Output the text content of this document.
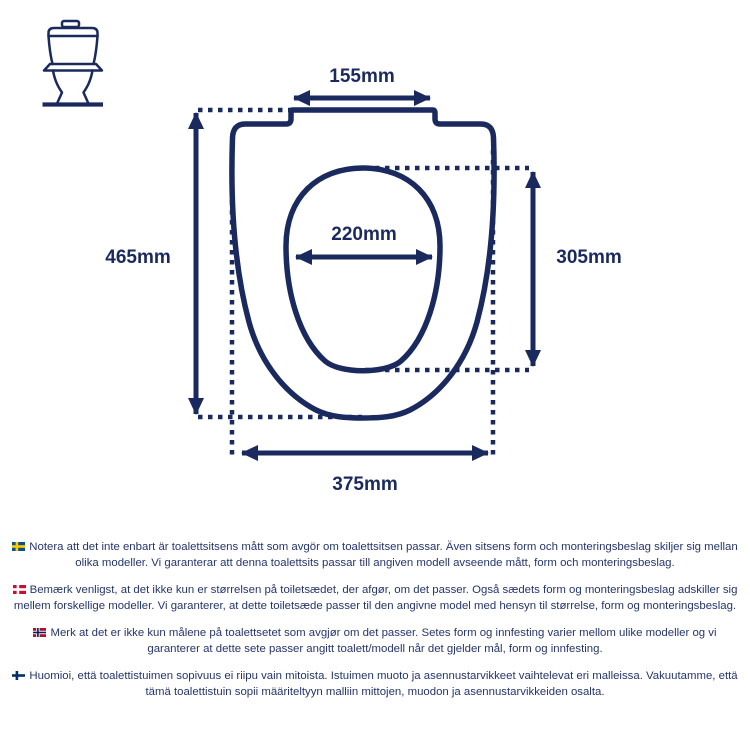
155mm
465mm
220mm
305mm
375mm

Notera att det inte enbart är toalettsitsens mått som avgör om toalettsitsen passar. Även sitsens form och monteringsbeslag skiljer sig mellan olika modeller. Vi garanterar att denna toalettsits passar till angiven modell avseende mått, form och monteringsbeslag.

Bemærk venligst, at det ikke kun er størrelsen på toiletsædet, der afgør, om det passer. Også sædets form og monteringsbeslag adskiller sig mellem forskellige modeller. Vi garanterer, at dette toiletsæde passer til den angivne model med hensyn til størrelse, form og monteringsbeslag.

Merk at det er ikke kun målene på toalettsetet som avgjør om det passer. Setes form og innfesting varier mellom ulike modeller og vi garanterer at dette sete passer angitt toalett/modell når det gjelder mål, form og innfesting.

Huomioi, että toalettistuimen sopivuus ei riipu vain mitoista. Istuimen muoto ja asennustarvikkeet vaihtelevat eri malleissa. Vakuutamme, että tämä toalettistuin sopii määriteltyyn malliin mittojen, muodon ja asennustarvikkeiden osalta.
